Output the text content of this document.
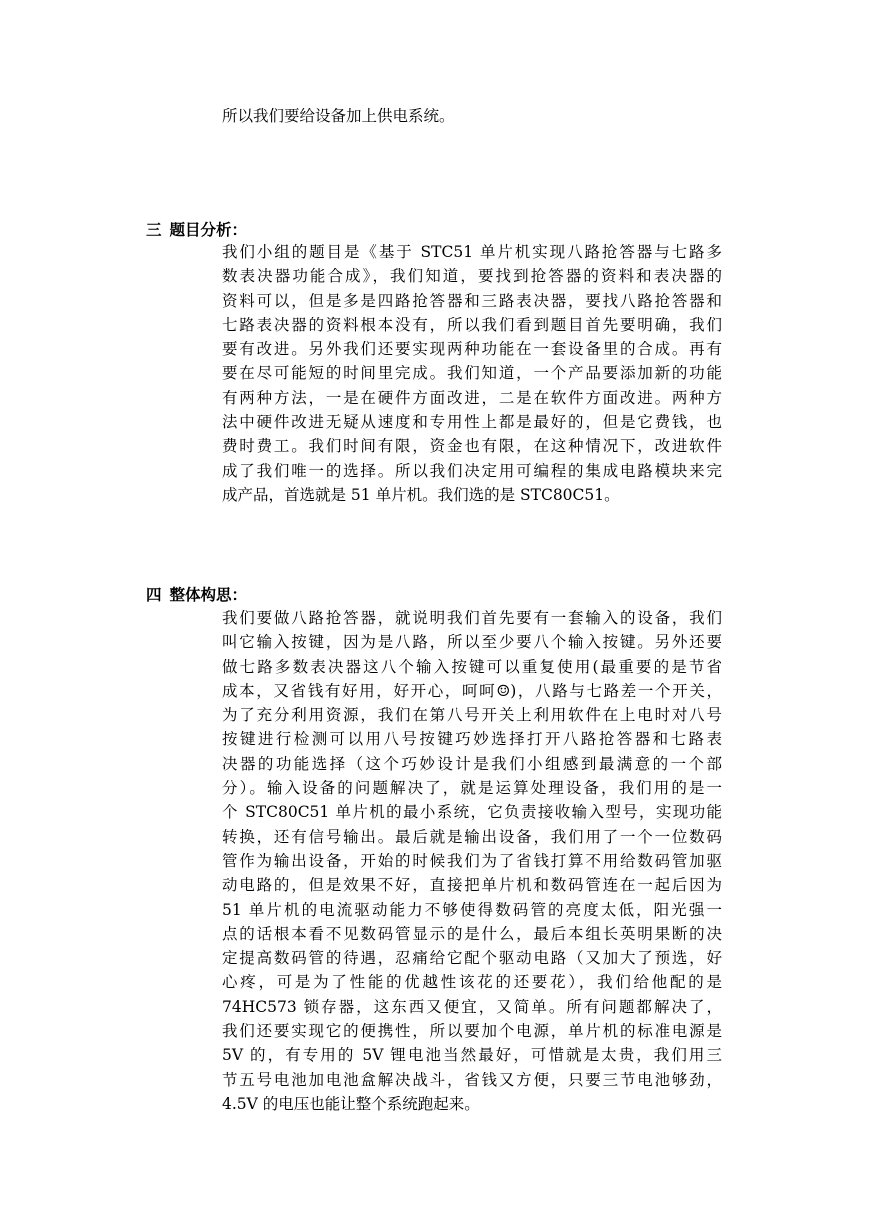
所以我们要给设备加上供电系统。
三 题目分析：
我们小组的题目是《基于 STC51 单片机实现八路抢答器与七路多
数表决器功能合成》，我们知道，要找到抢答器的资料和表决器的
资料可以，但是多是四路抢答器和三路表决器，要找八路抢答器和
七路表决器的资料根本没有，所以我们看到题目首先要明确，我们
要有改进。另外我们还要实现两种功能在一套设备里的合成。再有
要在尽可能短的时间里完成。我们知道，一个产品要添加新的功能
有两种方法，一是在硬件方面改进，二是在软件方面改进。两种方
法中硬件改进无疑从速度和专用性上都是最好的，但是它费钱，也
费时费工。我们时间有限，资金也有限，在这种情况下，改进软件
成了我们唯一的选择。所以我们决定用可编程的集成电路模块来完
成产品，首选就是 51 单片机。我们选的是 STC80C51。
四 整体构思：
我们要做八路抢答器，就说明我们首先要有一套输入的设备，我们
叫它输入按键，因为是八路，所以至少要八个输入按键。另外还要
做七路多数表决器这八个输入按键可以重复使用(最重要的是节省
成本，又省钱有好用，好开心，呵呵☺)，八路与七路差一个开关，
为了充分利用资源，我们在第八号开关上利用软件在上电时对八号
按键进行检测可以用八号按键巧妙选择打开八路抢答器和七路表
决器的功能选择（这个巧妙设计是我们小组感到最满意的一个部
分）。输入设备的问题解决了，就是运算处理设备，我们用的是一
个 STC80C51 单片机的最小系统，它负责接收输入型号，实现功能
转换，还有信号输出。最后就是输出设备，我们用了一个一位数码
管作为输出设备，开始的时候我们为了省钱打算不用给数码管加驱
动电路的，但是效果不好，直接把单片机和数码管连在一起后因为
51 单片机的电流驱动能力不够使得数码管的亮度太低，阳光强一
点的话根本看不见数码管显示的是什么，最后本组长英明果断的决
定提高数码管的待遇，忍痛给它配个驱动电路（又加大了预选，好
心疼，可是为了性能的优越性该花的还要花），我们给他配的是
74HC573 锁存器，这东西又便宜，又简单。所有问题都解决了，
我们还要实现它的便携性，所以要加个电源，单片机的标准电源是
5V 的，有专用的 5V 锂电池当然最好，可惜就是太贵，我们用三
节五号电池加电池盒解决战斗，省钱又方便，只要三节电池够劲，
4.5V 的电压也能让整个系统跑起来。
